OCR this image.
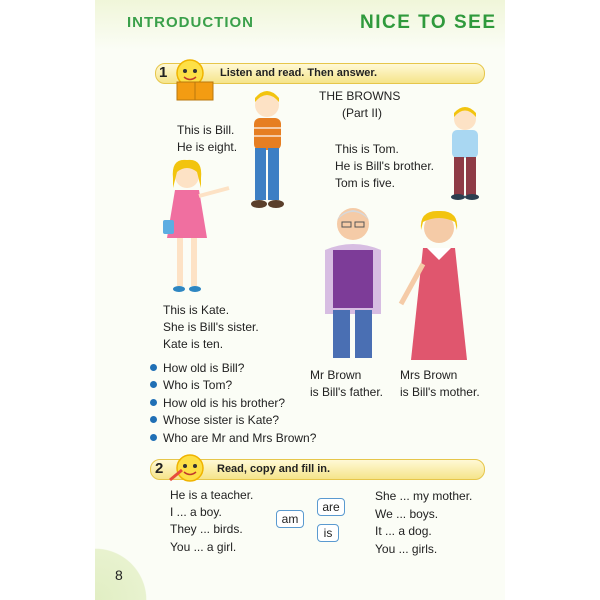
INTRODUCTION	NICE TO SEE
1	Listen and read. Then answer.
THE BROWNS
(Part II)
This is Bill.
He is eight.	This is Tom.
He is Bill's brother.
Tom is five.
This is Kate.
She is Bill's sister.
Kate is ten.
Mr Brown
is Bill's father.
Mrs Brown
is Bill's mother.
How old is Bill?
Who is Tom?
How old is his brother?
Whose sister is Kate?
Who are Mr and Mrs Brown?
2	Read, copy and fill in.
He is a teacher.
I ... a boy.
They ... birds.
You ... a girl.
are
am
is
She ... my mother.
We ... boys.
It ... a dog.
You ... girls.
8
